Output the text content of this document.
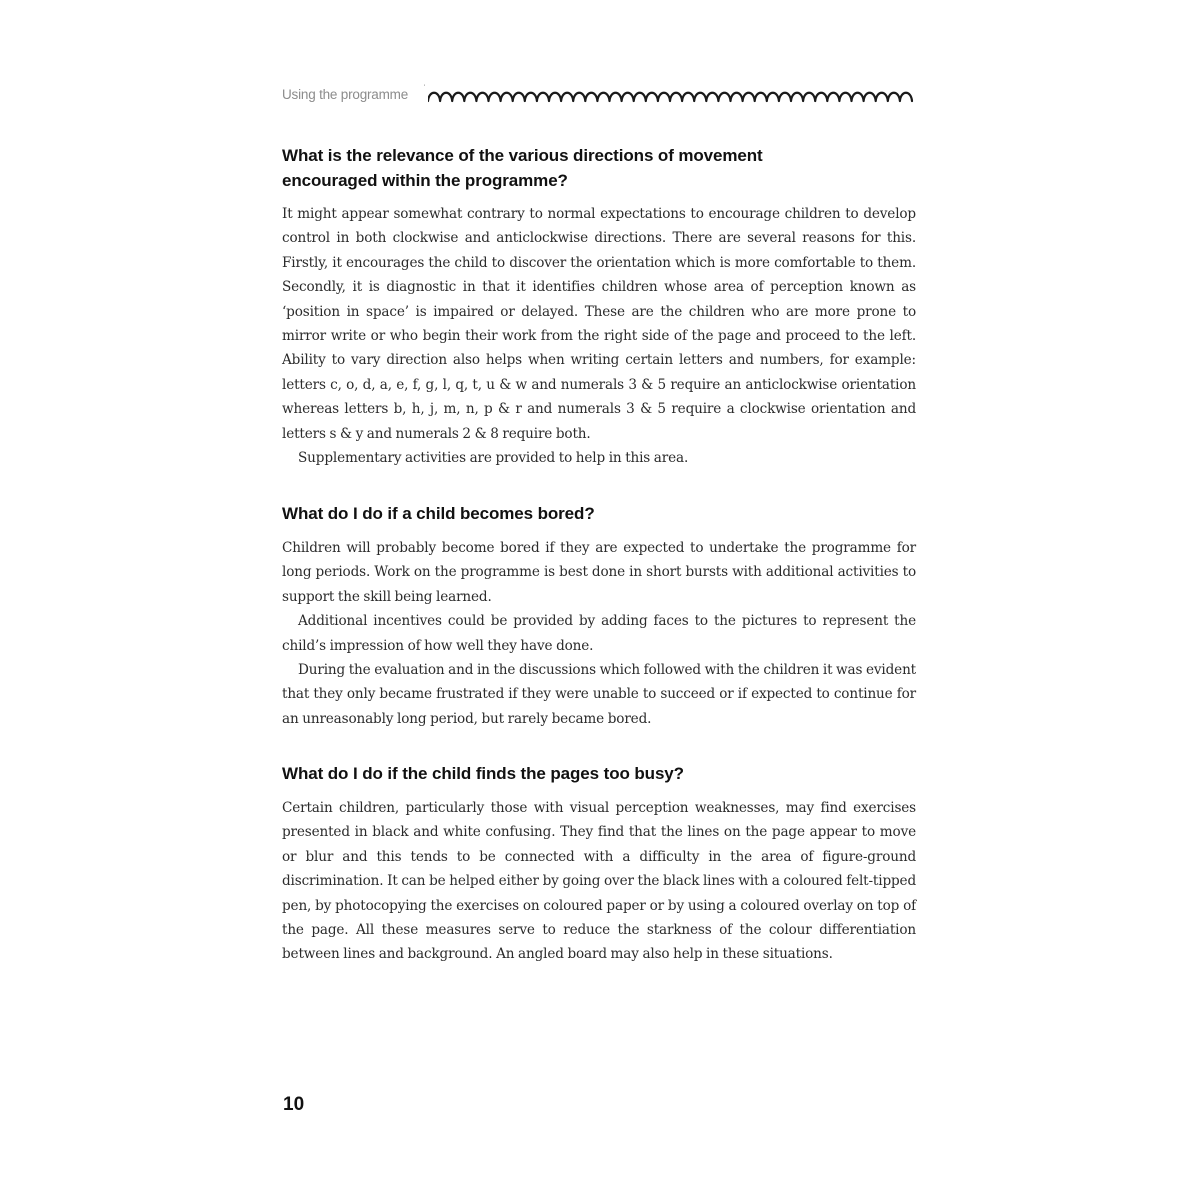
Using the programme ˈ
What is the relevance of the various directions of movement encouraged within the programme?

It might appear somewhat contrary to normal expectations to encourage children to develop control in both clockwise and anticlockwise directions. There are several reasons for this. Firstly, it encourages the child to discover the orientation which is more comfortable to them. Secondly, it is diagnostic in that it identifies children whose area of perception known as ‘position in space’ is impaired or delayed. These are the children who are more prone to mirror write or who begin their work from the right side of the page and proceed to the left. Ability to vary direction also helps when writing certain letters and numbers, for example: letters c, o, d, a, e, f, g, l, q, t, u & w and numerals 3 & 5 require an anticlockwise orientation whereas letters b, h, j, m, n, p & r and numerals 3 & 5 require a clockwise orientation and letters s & y and numerals 2 & 8 require both.

Supplementary activities are provided to help in this area.

What do I do if a child becomes bored?

Children will probably become bored if they are expected to undertake the programme for long periods. Work on the programme is best done in short bursts with additional activities to support the skill being learned.

Additional incentives could be provided by adding faces to the pictures to represent the child’s impression of how well they have done.

During the evaluation and in the discussions which followed with the children it was evident that they only became frustrated if they were unable to succeed or if expected to continue for an unreasonably long period, but rarely became bored.

What do I do if the child finds the pages too busy?

Certain children, particularly those with visual perception weaknesses, may find exercises presented in black and white confusing. They find that the lines on the page appear to move or blur and this tends to be connected with a difficulty in the area of figure-ground discrimination. It can be helped either by going over the black lines with a coloured felt-tipped pen, by photocopying the exercises on coloured paper or by using a coloured overlay on top of the page. All these measures serve to reduce the starkness of the colour differentiation between lines and background. An angled board may also help in these situations.

10
